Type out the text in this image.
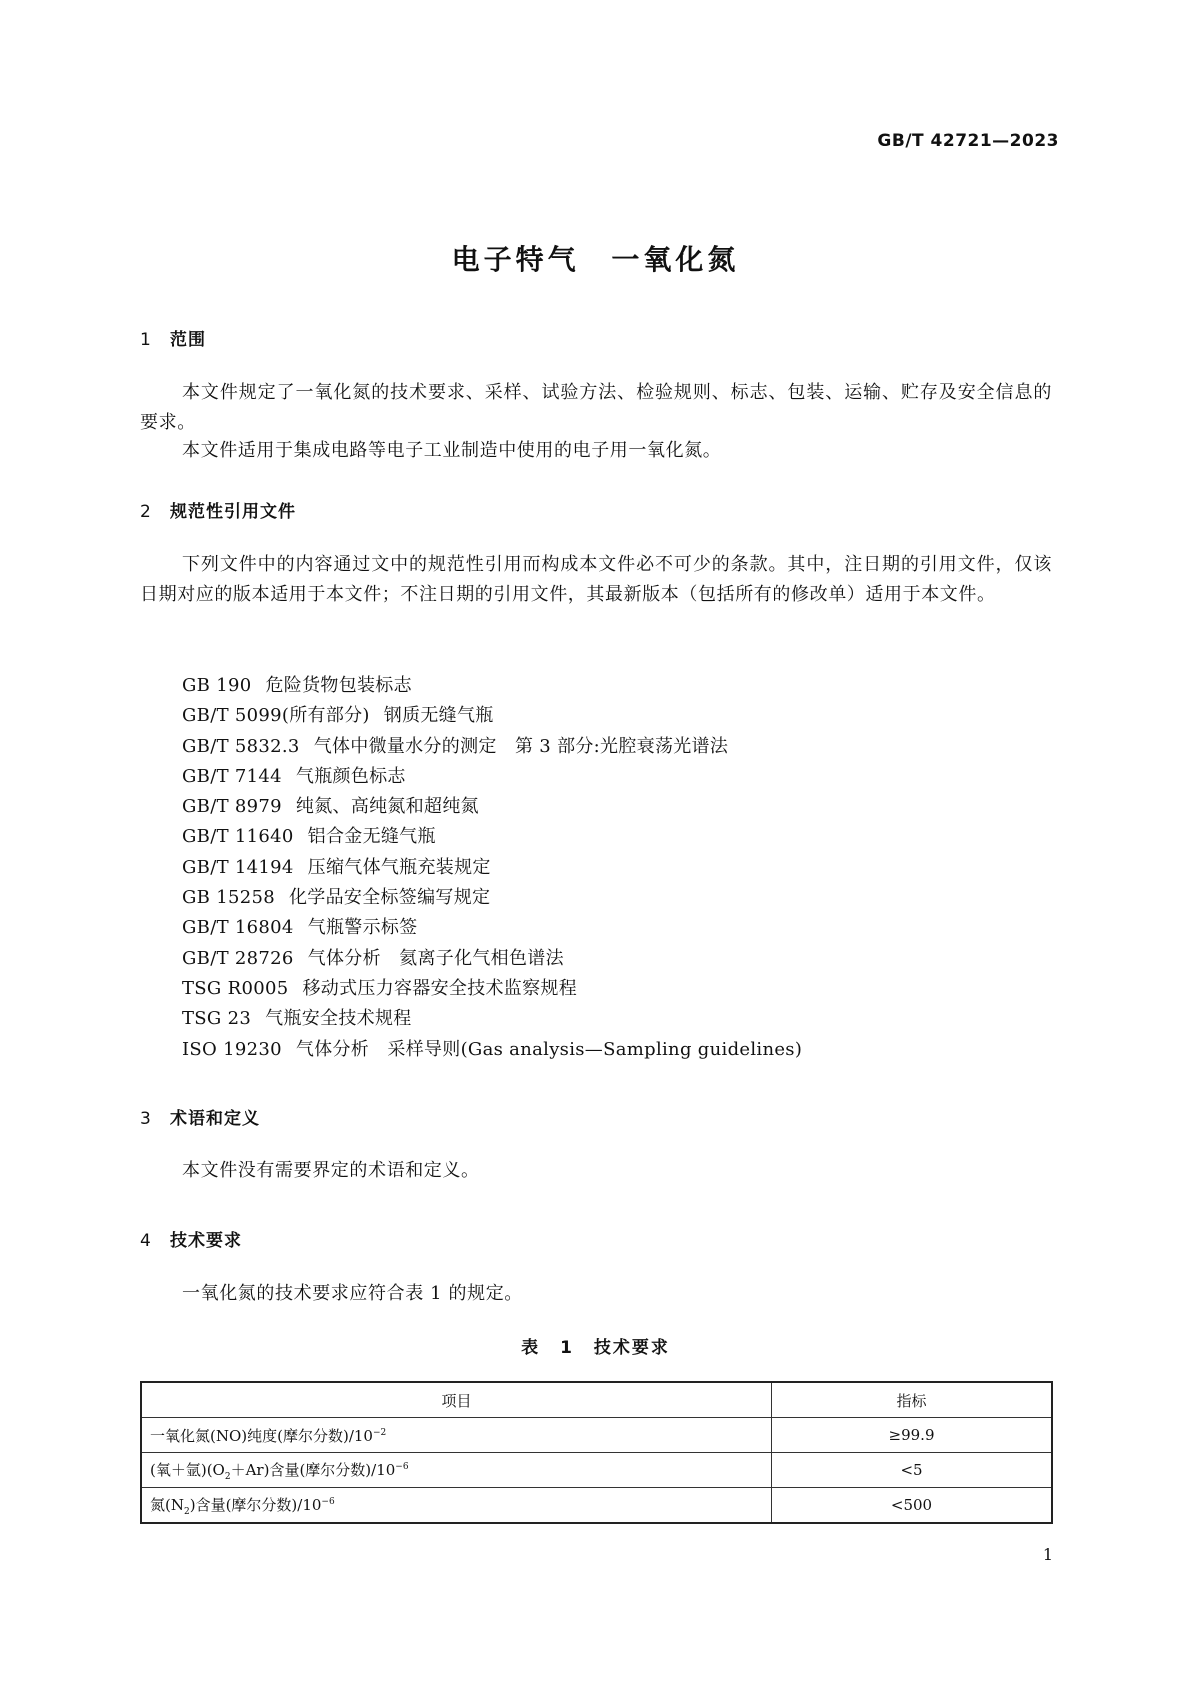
GB/T 42721—2023
电子特气 一氧化氮
1 范围
本文件规定了一氧化氮的技术要求、采样、试验方法、检验规则、标志、包装、运输、贮存及安全信息的要求。
本文件适用于集成电路等电子工业制造中使用的电子用一氧化氮。
2 规范性引用文件
下列文件中的内容通过文中的规范性引用而构成本文件必不可少的条款。其中，注日期的引用文件，仅该日期对应的版本适用于本文件；不注日期的引用文件，其最新版本（包括所有的修改单）适用于本文件。
GB 190 危险货物包装标志
GB/T 5099(所有部分) 钢质无缝气瓶
GB/T 5832.3 气体中微量水分的测定　第 3 部分:光腔衰荡光谱法
GB/T 7144 气瓶颜色标志
GB/T 8979 纯氮、高纯氮和超纯氮
GB/T 11640 铝合金无缝气瓶
GB/T 14194 压缩气体气瓶充装规定
GB 15258 化学品安全标签编写规定
GB/T 16804 气瓶警示标签
GB/T 28726 气体分析　氦离子化气相色谱法
TSG R0005 移动式压力容器安全技术监察规程
TSG 23 气瓶安全技术规程
ISO 19230 气体分析　采样导则(Gas analysis—Sampling guidelines)
3 术语和定义
本文件没有需要界定的术语和定义。
4 技术要求
一氧化氮的技术要求应符合表 1 的规定。
表 1 技术要求
项目	指标
一氧化氮(NO)纯度(摩尔分数)$/10^{-2}$	≥99.9
(氧＋氩)$(O_2+Ar)$含量(摩尔分数)$/10^{-6}$	<5
氮$(N_2)$含量(摩尔分数)$/10^{-6}$	<500
1
